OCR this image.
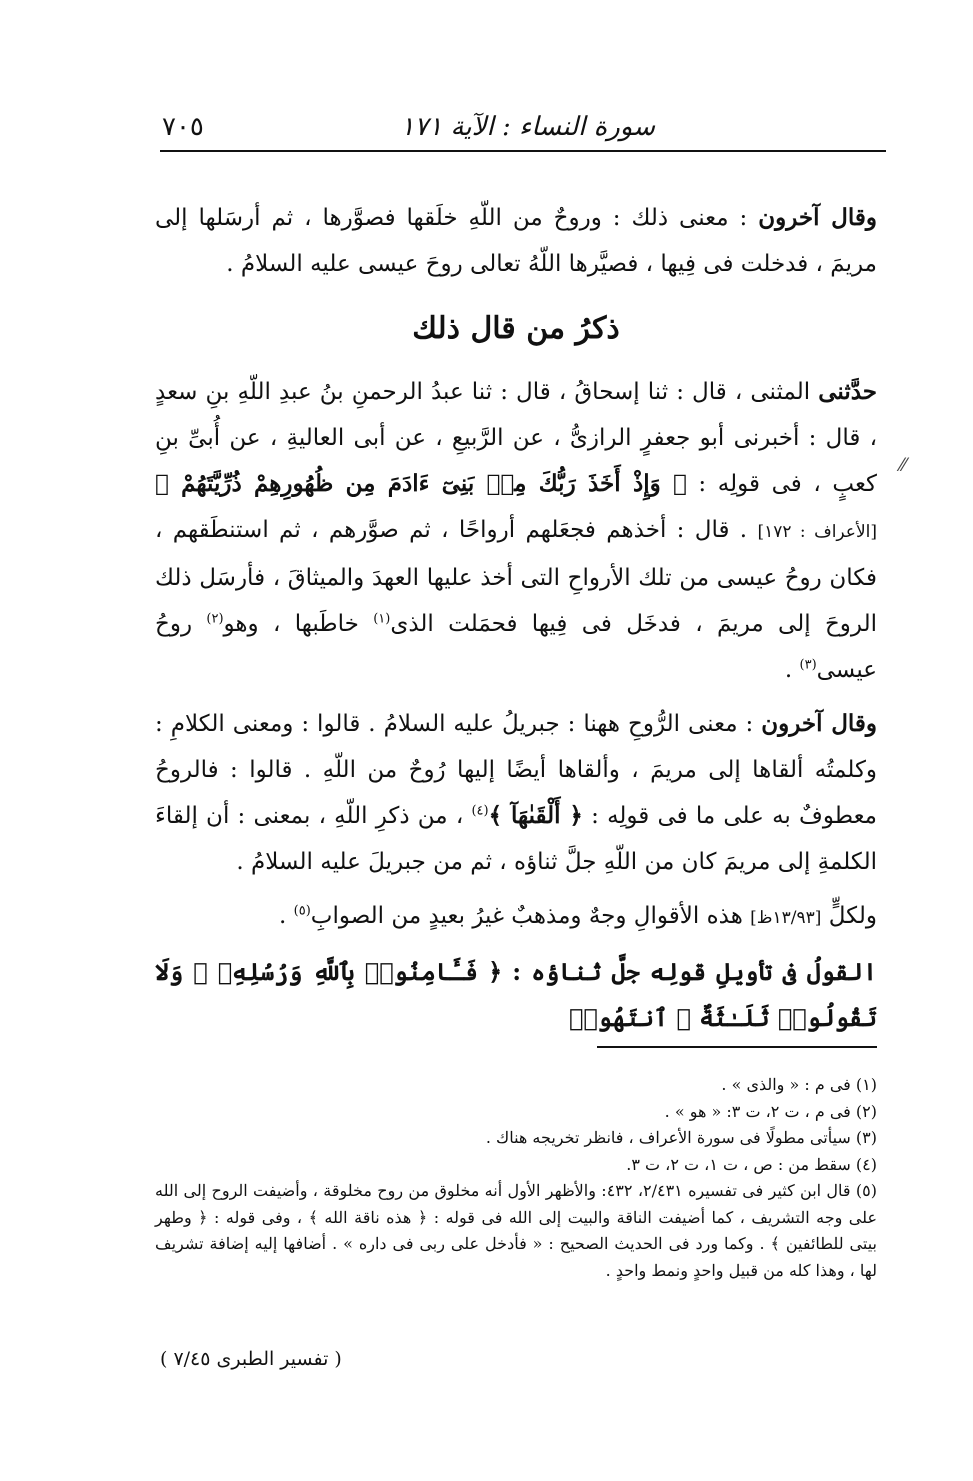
سورة النساء : الآية ١٧١
٧٠٥

وقال آخرون : معنى ذلك : وروحٌ من اللّهِ خلَقها فصوَّرها ، ثم أرسَلها إلى مريمَ ، فدخلت فى فِيها ، فصيَّرها اللّهُ تعالى روحَ عيسى عليه السلامُ .

ذكرُ من قال ذلك

حدَّثنى المثنى ، قال : ثنا إسحاقُ ، قال : ثنا عبدُ الرحمنِ بنُ عبدِ اللّهِ بنِ سعدٍ ، قال : أخبرنى أبو جعفرٍ الرازىُّ ، عن الرَّبيعِ ، عن أبى العاليةِ ، عن أُبىِّ بنِ كعبٍ ، فى قولِه : ﴿ وَإِذْ أَخَذَ رَبُّكَ مِنۢ بَنِىٓ ءَادَمَ مِن ظُهُورِهِمْ ذُرِّيَّتَهُمْ ﴾ [الأعراف : ١٧٢] . قال : أخذهم فجعَلهم أرواحًا ، ثم صوَّرهم ، ثم استنطَقهم ، فكان روحُ عيسى من تلك الأرواحِ التى أخذ عليها العهدَ والميثاقَ ، فأرسَل ذلك الروحَ إلى مريمَ ، فدخَل فى فِيها فحمَلت الذى$^{(١)}$ خاطَبها ، وهو$^{(٢)}$ روحُ عيسى$^{(٣)}$ .

وقال آخرون : معنى الرُّوحِ ههنا : جبريلُ عليه السلامُ . قالوا : ومعنى الكلامِ : وكلمتُه ألقاها إلى مريمَ ، وألقاها أيضًا إليها رُوحٌ من اللّهِ . قالوا : فالروحُ معطوفٌ به على ما فى قولِه : ﴿ أَلْقَىٰهَآ ﴾$^{(٤)}$ ، من ذكرِ اللّهِ ، بمعنى : أن إلقاءَ الكلمةِ إلى مريمَ كان من اللّهِ جلَّ ثناؤه ، ثم من جبريلَ عليه السلامُ .

ولكلٍّ [١٣/٩٣ظ] هذه الأقوالِ وجهٌ ومذهبٌ غيرُ بعيدٍ من الصوابِ$^{(٥)}$ .

القولُ فى تأويلِ قولِه جلَّ ثناؤه : ﴿ فَـَٔامِنُوا۟ بِٱللَّهِ وَرُسُلِهِۦ ۖ وَلَا تَقُولُوا۟ ثَلَـٰثَةٌ ۚ ٱنتَهُوا۟

(١) فى م : « والذى » .
(٢) فى م ، ت ٢، ت ٣: « هو » .
(٣) سيأتى مطولًا فى سورة الأعراف ، فانظر تخريجه هناك .
(٤) سقط من : ص ، ت ١، ت ٢، ت ٣.
(٥) قال ابن كثير فى تفسيره ٢/٤٣١، ٤٣٢: والأظهر الأول أنه مخلوق من روح مخلوقة ، وأضيفت الروح إلى الله على وجه التشريف ، كما أضيفت الناقة والبيت إلى الله فى قوله : ﴿ هذه ناقة الله ﴾ ، وفى قوله : ﴿ وطهر بيتى للطائفين ﴾ . وكما ورد فى الحديث الصحيح : « فأدخل على ربى فى داره » . أضافها إليه إضافة تشريف لها ، وهذا كله من قبيل واحدٍ ونمط واحدٍ .
( تفسير الطبرى ٧/٤٥ )
⁄⁄
